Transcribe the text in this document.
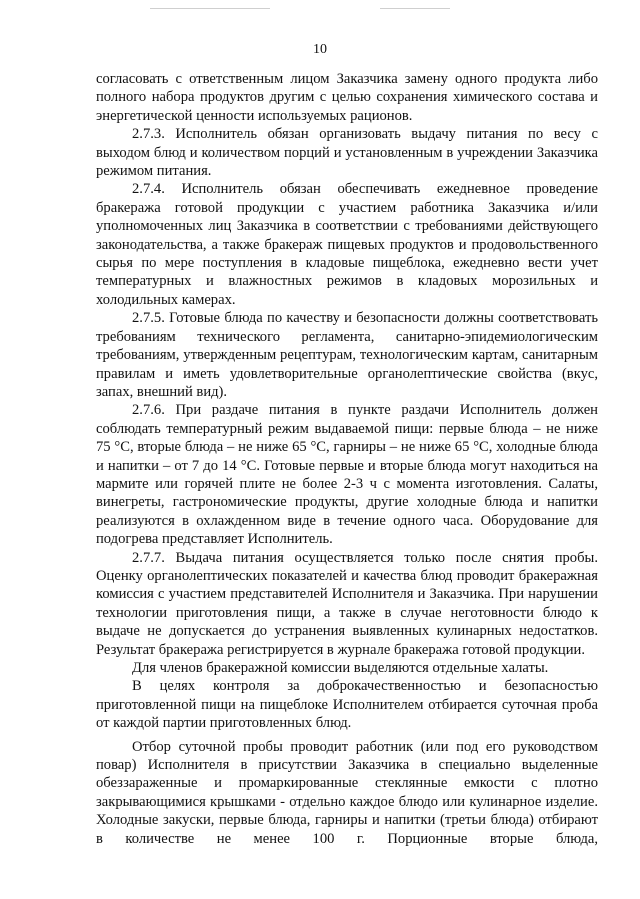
10

согласовать с ответственным лицом Заказчика замену одного продукта либо полного набора продуктов другим с целью сохранения химического состава и энергетической ценности используемых рационов.

2.7.3. Исполнитель обязан организовать выдачу питания по весу с выходом блюд и количеством порций и установленным в учреждении Заказчика режимом питания.

2.7.4. Исполнитель обязан обеспечивать ежедневное проведение бракеража готовой продукции с участием работника Заказчика и/или уполномоченных лиц Заказчика в соответствии с требованиями действующего законодательства, а также бракераж пищевых продуктов и продовольственного сырья по мере поступления в кладовые пищеблока, ежедневно вести учет температурных и влажностных режимов в кладовых морозильных и холодильных камерах.

2.7.5. Готовые блюда по качеству и безопасности должны соответствовать требованиям технического регламента, санитарно-эпидемиологическим требованиям, утвержденным рецептурам, технологическим картам, санитарным правилам и иметь удовлетворительные органолептические свойства (вкус, запах, внешний вид).

2.7.6. При раздаче питания в пункте раздачи Исполнитель должен соблюдать температурный режим выдаваемой пищи: первые блюда – не ниже 75 °С, вторые блюда – не ниже 65 °С, гарниры – не ниже 65 °С, холодные блюда и напитки – от 7 до 14 °С. Готовые первые и вторые блюда могут находиться на мармите или горячей плите не более 2-3 ч с момента изготовления. Салаты, винегреты, гастрономические продукты, другие холодные блюда и напитки реализуются в охлажденном виде в течение одного часа. Оборудование для подогрева представляет Исполнитель.

2.7.7. Выдача питания осуществляется только после снятия пробы. Оценку органолептических показателей и качества блюд проводит бракеражная комиссия с участием представителей Исполнителя и Заказчика. При нарушении технологии приготовления пищи, а также в случае неготовности блюдо к выдаче не допускается до устранения выявленных кулинарных недостатков. Результат бракеража регистрируется в журнале бракеража готовой продукции.

Для членов бракеражной комиссии выделяются отдельные халаты.

В целях контроля за доброкачественностью и безопасностью приготовленной пищи на пищеблоке Исполнителем отбирается суточная проба от каждой партии приготовленных блюд.

Отбор суточной пробы проводит работник (или под его руководством повар) Исполнителя в присутствии Заказчика в специально выделенные обеззараженные и промаркированные стеклянные емкости с плотно закрывающимися крышками - отдельно каждое блюдо или кулинарное изделие. Холодные закуски, первые блюда, гарниры и напитки (третьи блюда) отбирают в количестве не менее 100 г. Порционные вторые блюда,
